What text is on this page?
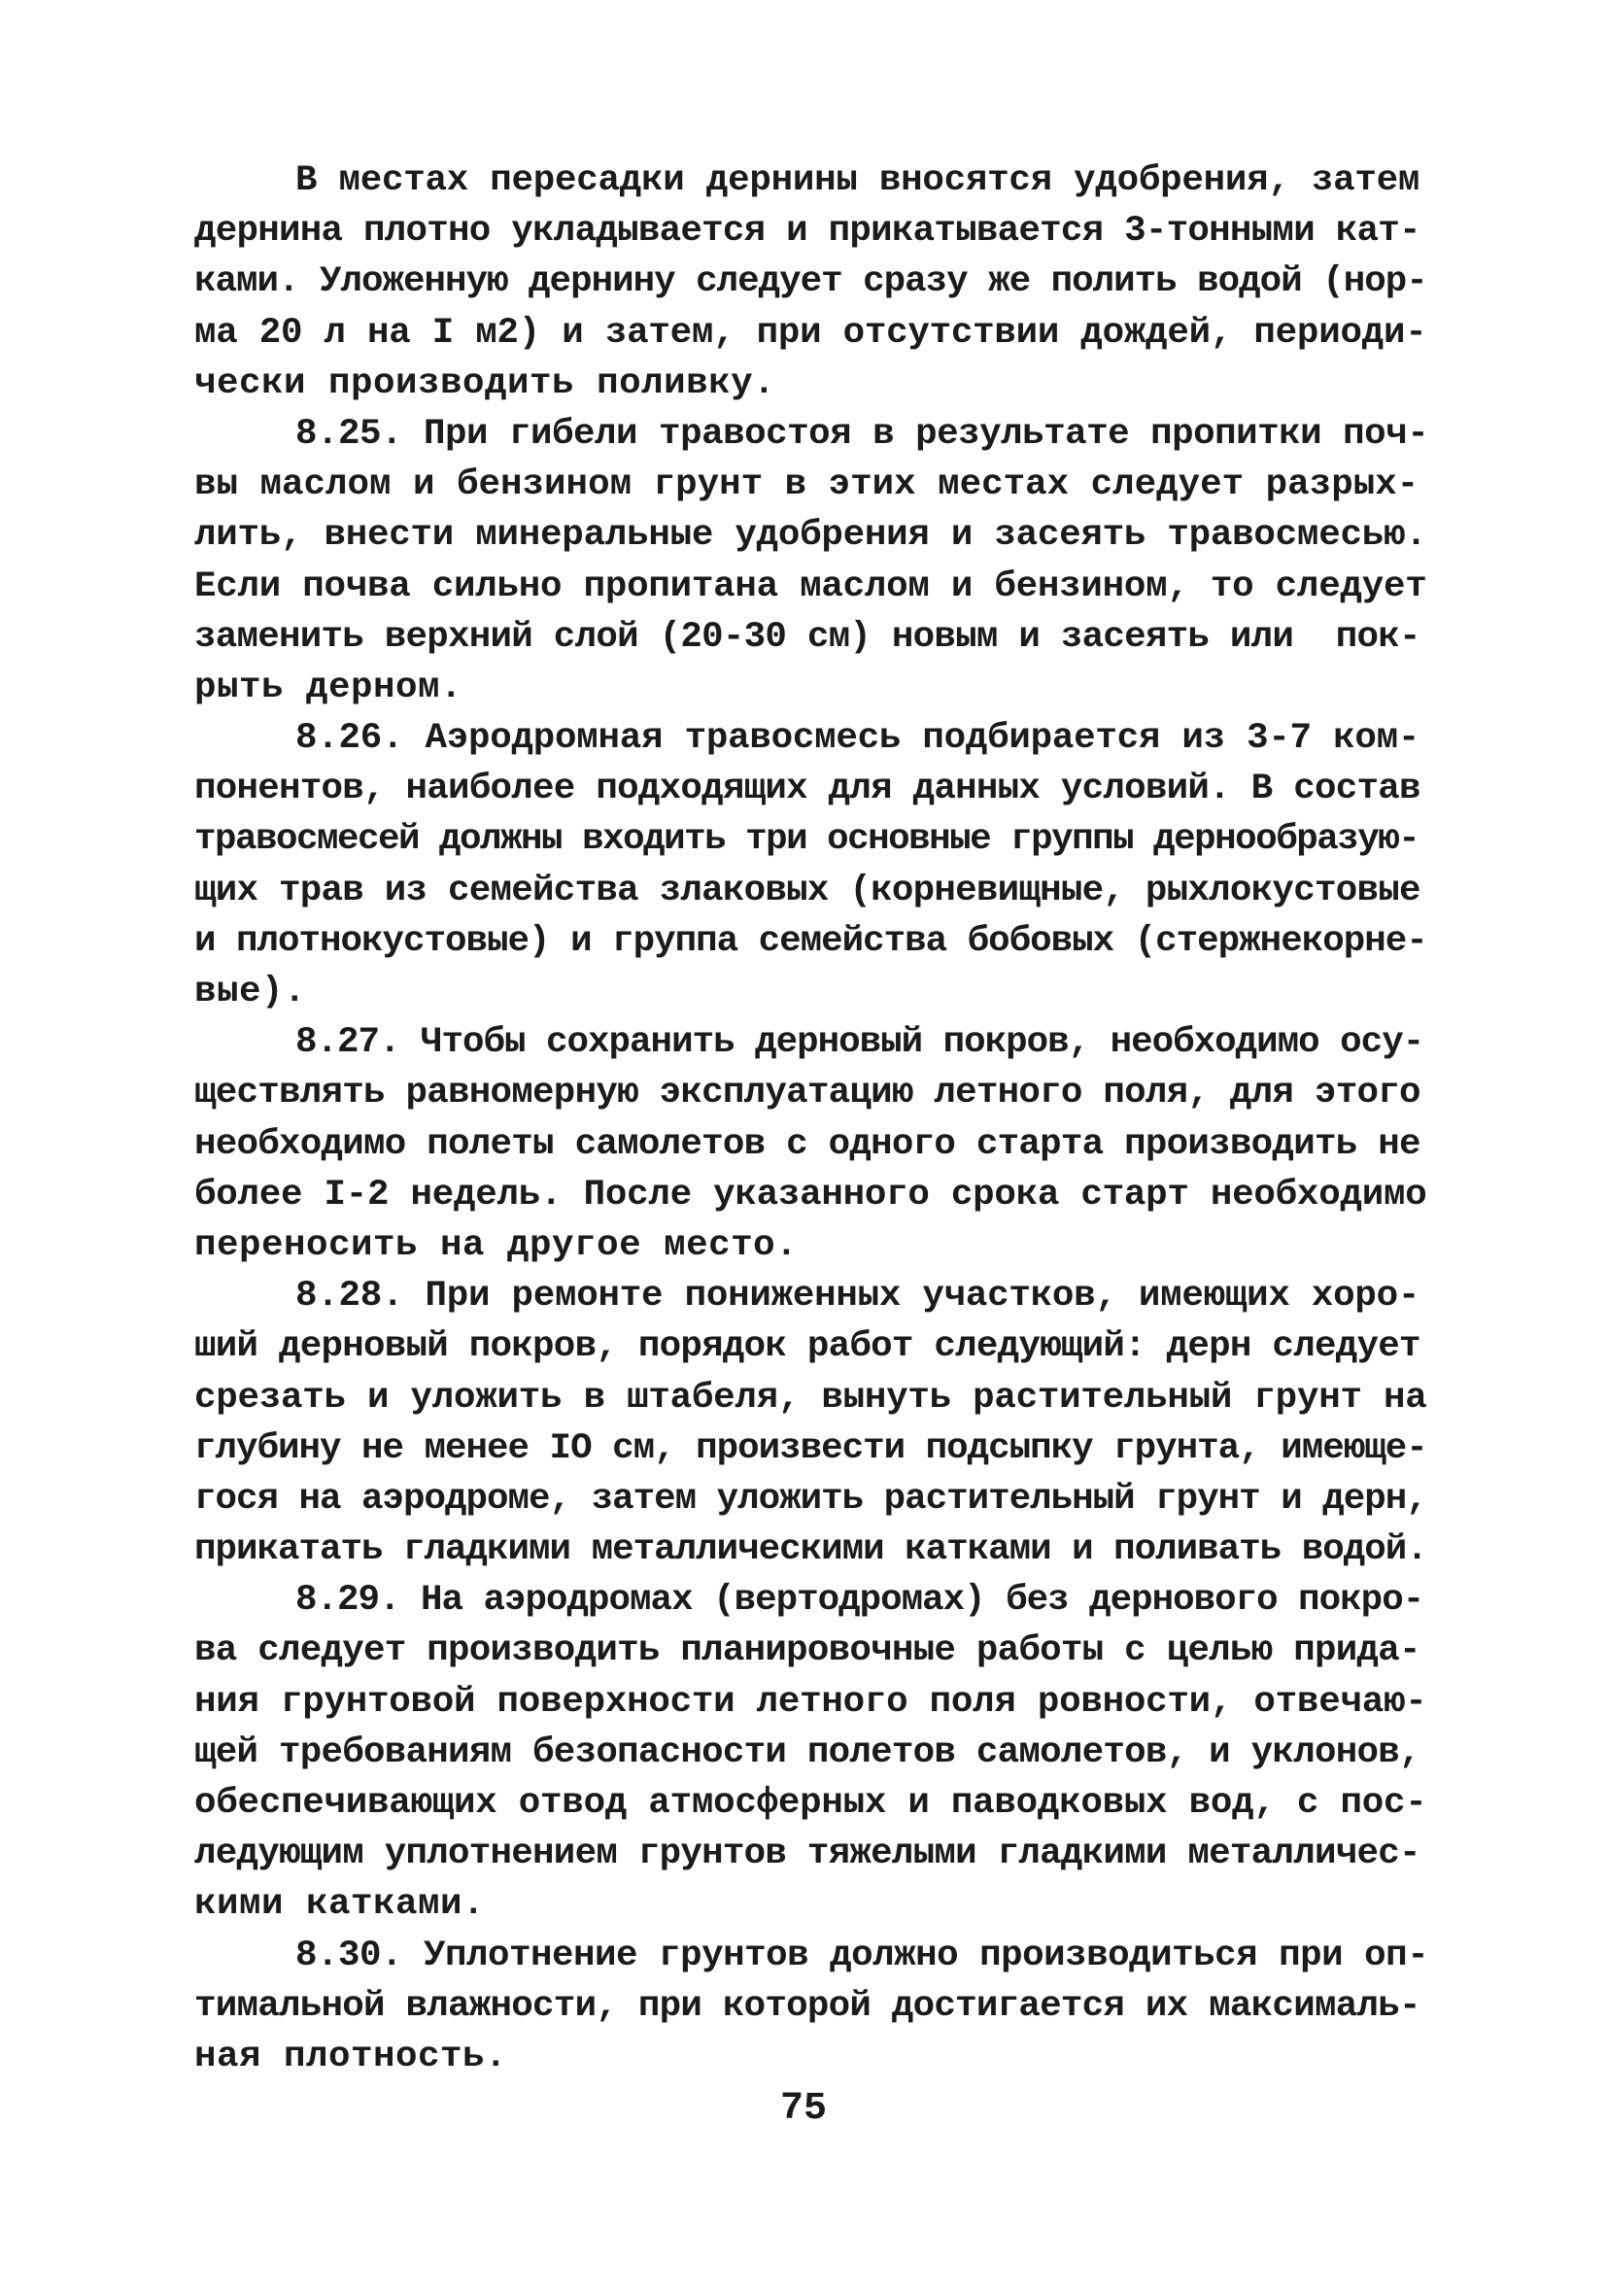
В местах пересадки дернины вносятся удобрения, затем
дернина плотно укладывается и прикатывается 3-тонными кат-
ками. Уложенную дернину следует сразу же полить водой (нор-
ма 20 л на I м2) и затем, при отсутствии дождей, периоди-
чески производить поливку.
8.25. При гибели травостоя в результате пропитки поч-
вы маслом и бензином грунт в этих местах следует разрых-
лить, внести минеральные удобрения и засеять травосмесью.
Если почва сильно пропитана маслом и бензином, то следует
заменить верхний слой (20-30 см) новым и засеять или  пок-
рыть дерном.
8.26. Аэродромная травосмесь подбирается из 3-7 ком-
понентов, наиболее подходящих для данных условий. В состав
травосмесей должны входить три основные группы дернообразую-
щих трав из семейства злаковых (корневищные, рыхлокустовые
и плотнокустовые) и группа семейства бобовых (стержнекорне-
вые).
8.27. Чтобы сохранить дерновый покров, необходимо осу-
ществлять равномерную эксплуатацию летного поля, для этого
необходимо полеты самолетов с одного старта производить не
более I-2 недель. После указанного срока старт необходимо
переносить на другое место.
8.28. При ремонте пониженных участков, имеющих хоро-
ший дерновый покров, порядок работ следующий: дерн следует
срезать и уложить в штабеля, вынуть растительный грунт на
глубину не менее IO см, произвести подсыпку грунта, имеюще-
гося на аэродроме, затем уложить растительный грунт и дерн,
прикатать гладкими металлическими катками и поливать водой.
8.29. На аэродромах (вертодромах) без дернового покро-
ва следует производить планировочные работы с целью прида-
ния грунтовой поверхности летного поля ровности, отвечаю-
щей требованиям безопасности полетов самолетов, и уклонов,
обеспечивающих отвод атмосферных и паводковых вод, с пос-
ледующим уплотнением грунтов тяжелыми гладкими металличес-
кими катками.
8.30. Уплотнение грунтов должно производиться при оп-
тимальной влажности, при которой достигается их максималь-
ная плотность.
75
